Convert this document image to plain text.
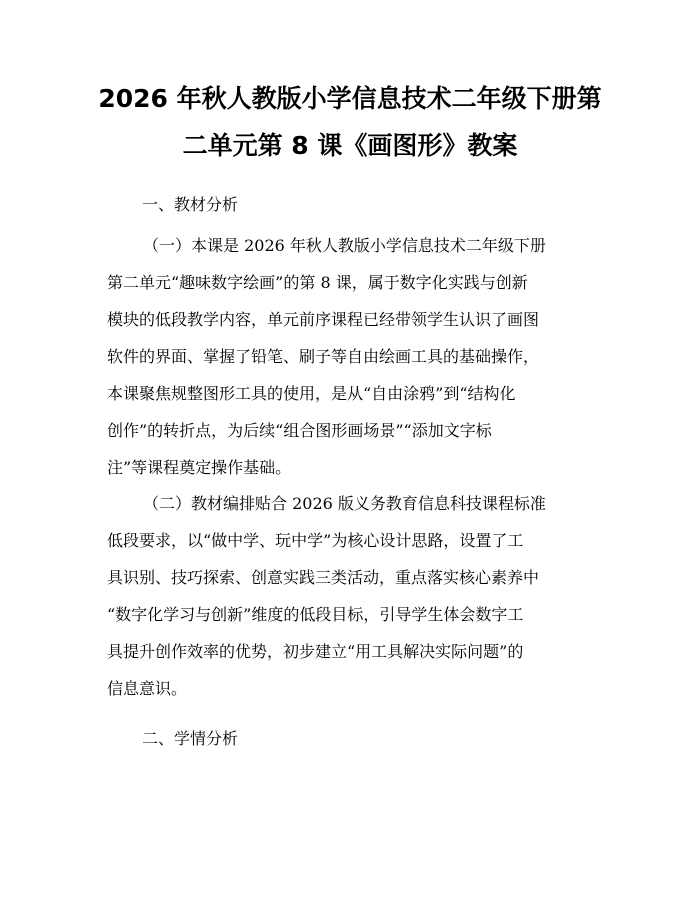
2026 年秋人教版小学信息技术二年级下册第
二单元第 8 课《画图形》教案
一、教材分析
（一）本课是 2026 年秋人教版小学信息技术二年级下册
第二单元“趣味数字绘画”的第 8 课，属于数字化实践与创新
模块的低段教学内容，单元前序课程已经带领学生认识了画图
软件的界面、掌握了铅笔、刷子等自由绘画工具的基础操作，
本课聚焦规整图形工具的使用，是从“自由涂鸦”到“结构化
创作”的转折点，为后续“组合图形画场景”“添加文字标
注”等课程奠定操作基础。
（二）教材编排贴合 2026 版义务教育信息科技课程标准
低段要求，以“做中学、玩中学”为核心设计思路，设置了工
具识别、技巧探索、创意实践三类活动，重点落实核心素养中
“数字化学习与创新”维度的低段目标，引导学生体会数字工
具提升创作效率的优势，初步建立“用工具解决实际问题”的
信息意识。
二、学情分析
